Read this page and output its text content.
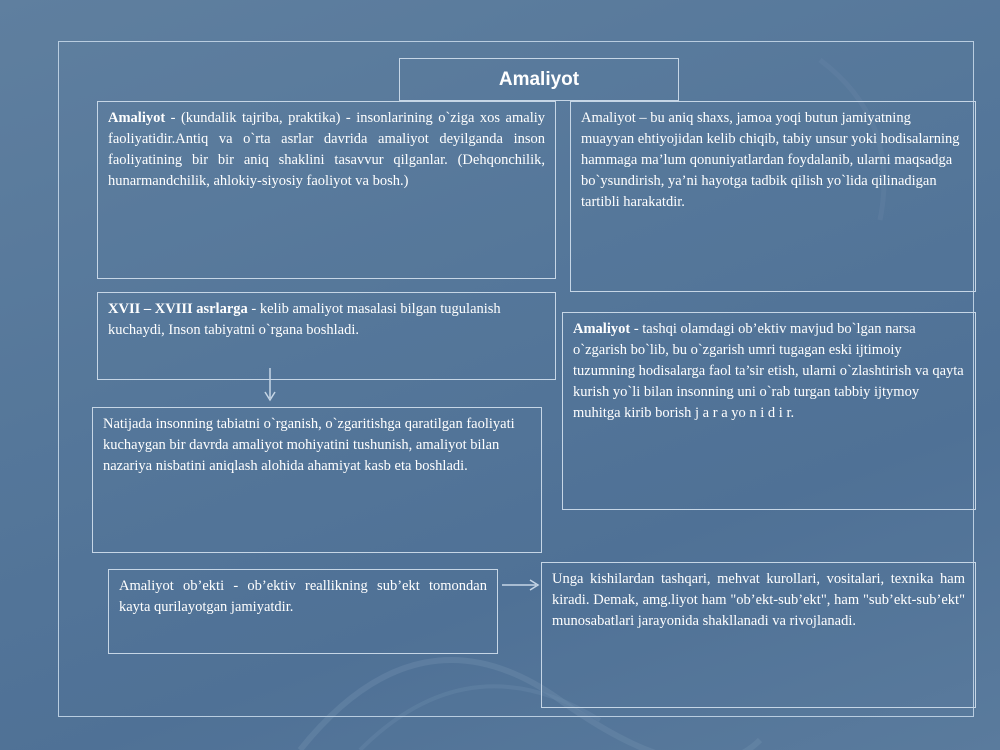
Amaliyot
Amaliyot - (kundalik tajriba, praktika) - insonlarining o`ziga xos amaliy faoliyatidir.Antiq va o`rta asrlar davrida amaliyot deyilganda inson faoliyatining bir bir aniq shaklini tasavvur qilganlar. (Dehqonchilik, hunarmandchilik, ahlokiy-siyosiy faoliyot va bosh.)
Amaliyot – bu aniq shaxs, jamoa yoqi butun jamiyatning muayyan ehtiyojidan kelib chiqib, tabiy unsur yoki hodisalarning hammaga ma’lum qonuniyatlardan foydalanib, ularni maqsadga bo`ysundirish, ya’ni hayotga tadbik qilish yo`lida qilinadigan tartibli harakatdir.
XVII – XVIII asrlarga - kelib amaliyot masalasi bilgan tugulanish kuchaydi, Inson tabiyatni o`rgana boshladi.	Amaliyot - tashqi olamdagi ob’ektiv mavjud bo`lgan narsa o`zgarish bo`lib, bu o`zgarish umri tugagan eski ijtimoiy tuzumning hodisalarga faol ta’sir etish, ularni o`zlashtirish va qayta kurish yo`li bilan insonning uni o`rab turgan tabbiy ijtymoy muhitga kirib borish j a r a yo n i d i r.
Natijada insonning tabiatni o`rganish, o`zgaritishga qaratilgan faoliyati kuchaygan bir davrda amaliyot mohiyatini tushunish, amaliyot bilan nazariya nisbatini aniqlash alohida ahamiyat kasb eta boshladi.
Amaliyot ob’ekti - ob’ektiv reallikning sub’ekt tomondan kayta qurilayotgan jamiyatdir.
Unga kishilardan tashqari, mehvat kurollari, vositalari, texnika ham kiradi. Demak, amg.liyot ham "ob’ekt-sub’ekt", ham "sub’ekt-sub’ekt" munosabatlari jarayonida shakllanadi va rivojlanadi.
